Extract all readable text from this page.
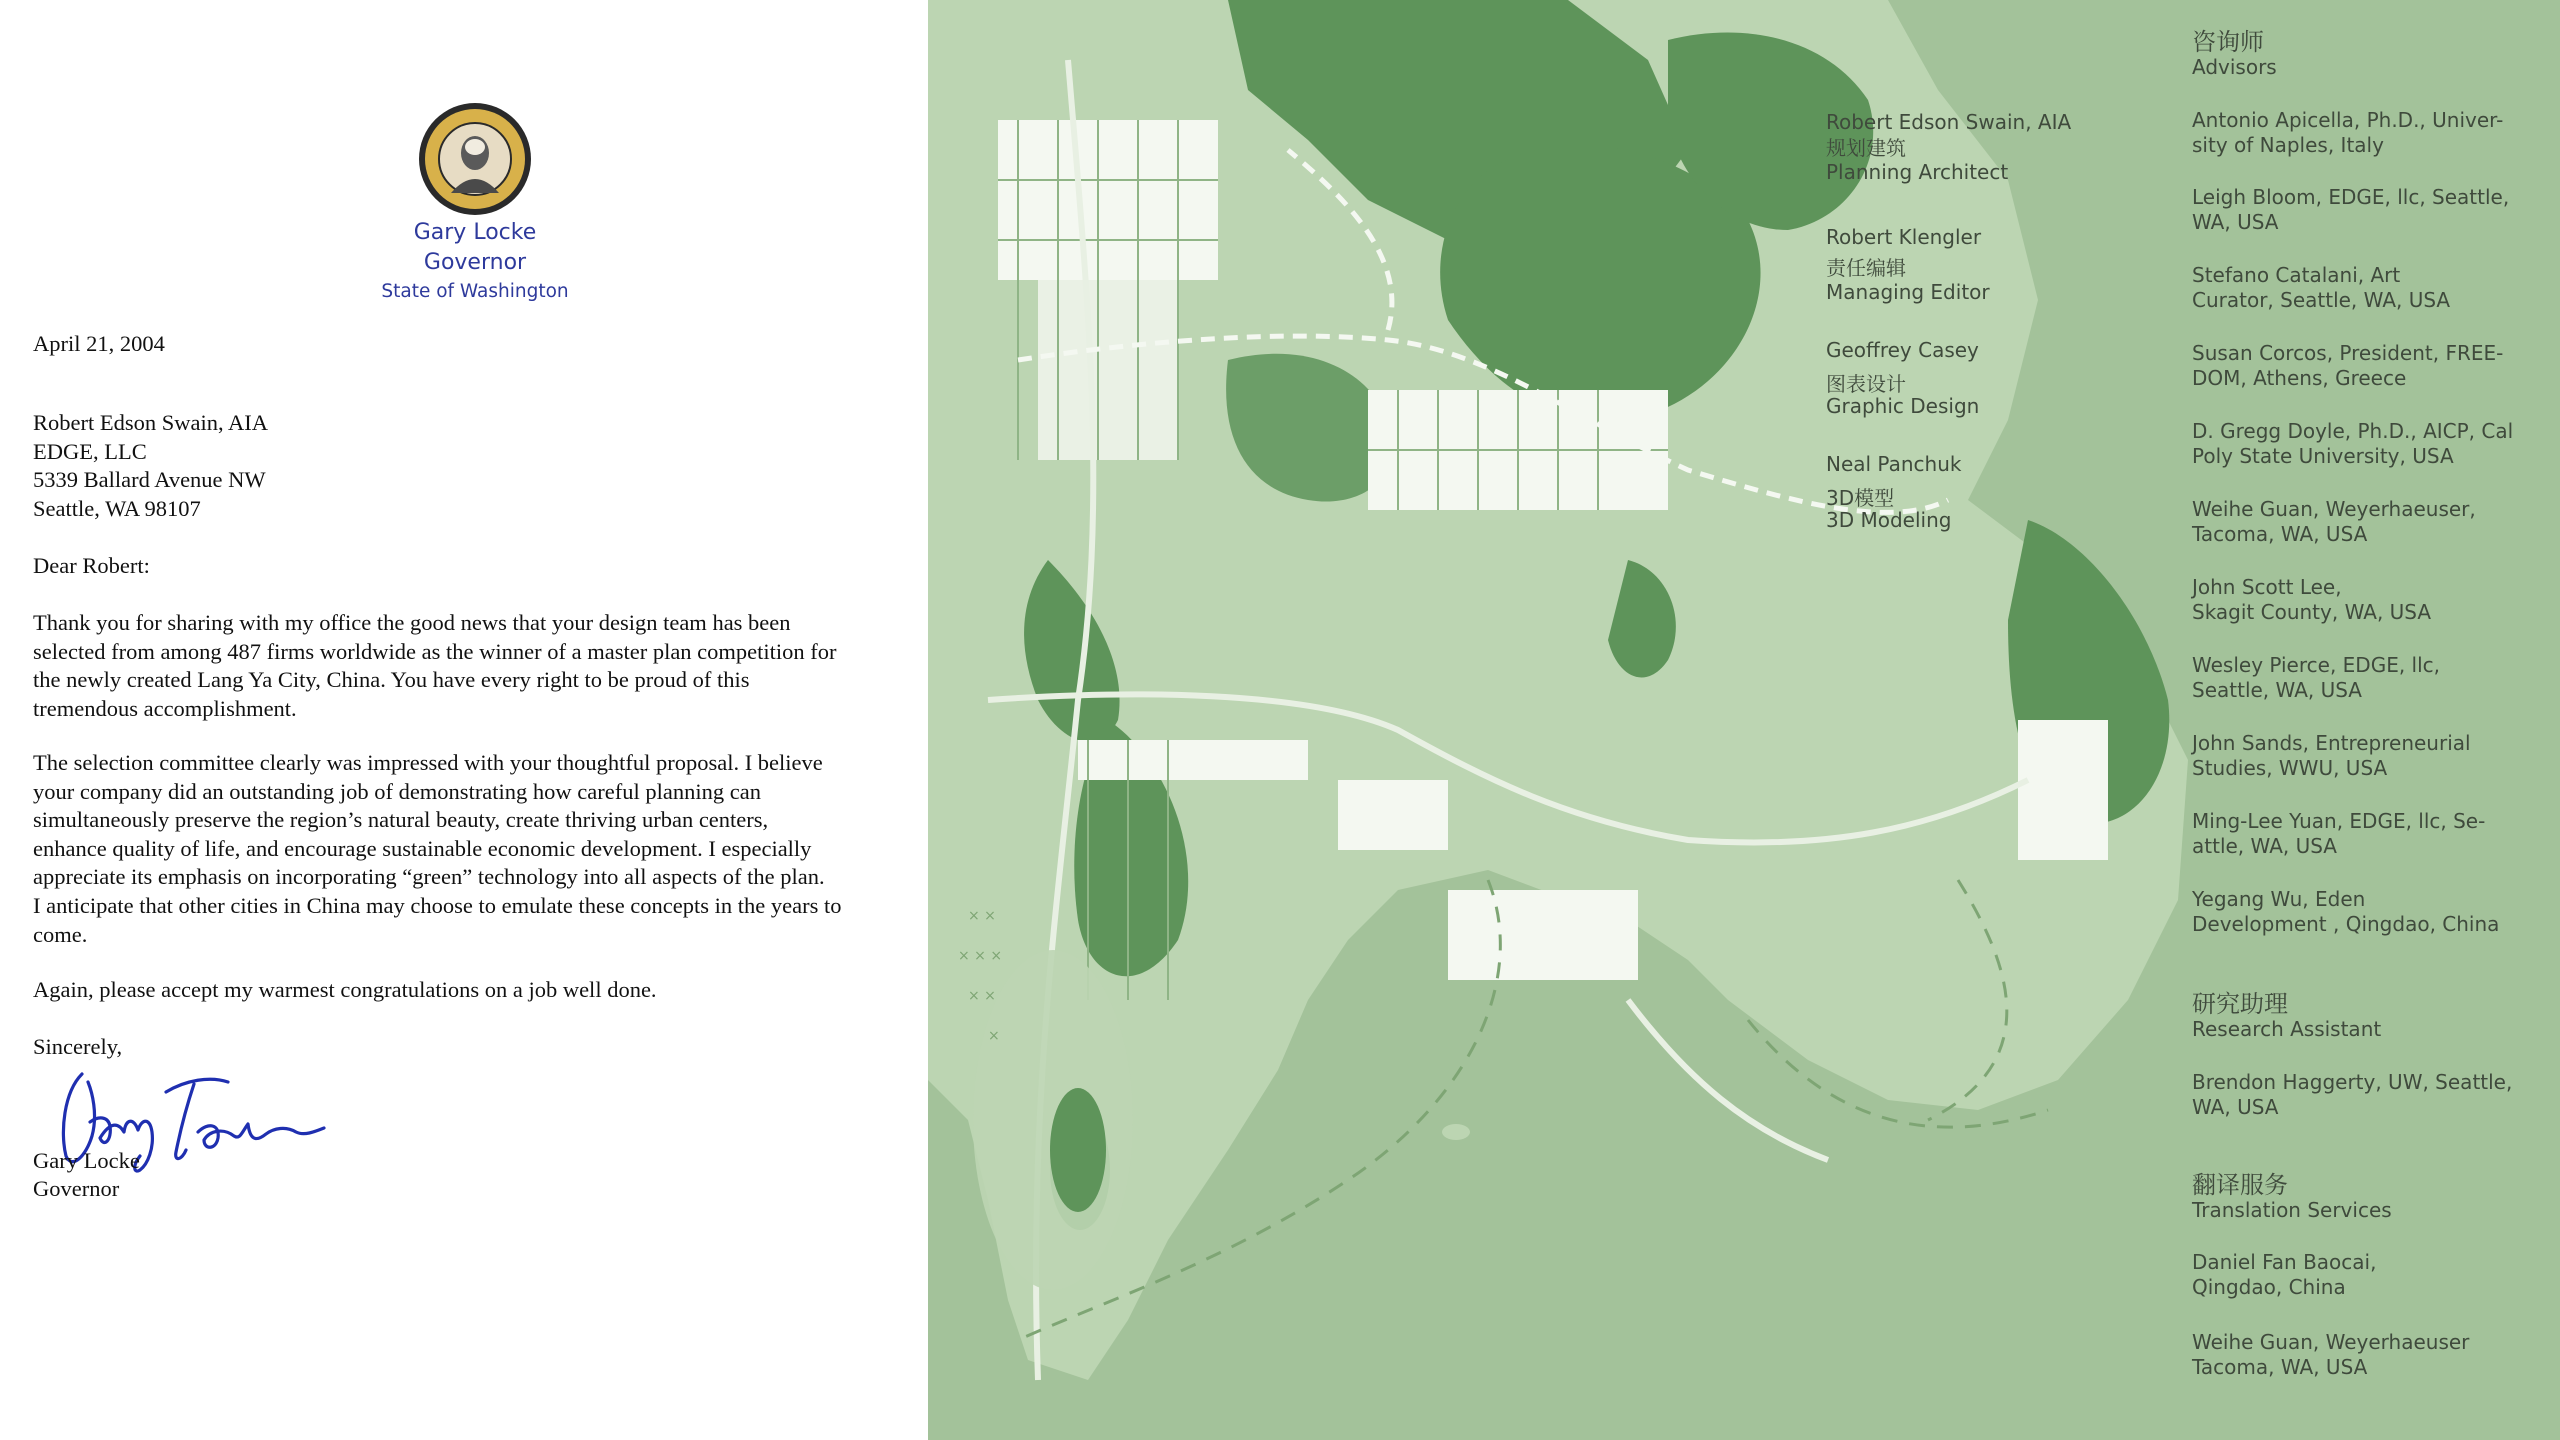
Gary Locke
Governor
State of Washington
April 21, 2004
Robert Edson Swain, AIA
EDGE, LLC
5339 Ballard Avenue NW
Seattle, WA 98107
Dear Robert:
Thank you for sharing with my office the good news that your design team has been
selected from among 487 firms worldwide as the winner of a master plan competition for
the newly created Lang Ya City, China. You have every right to be proud of this
tremendous accomplishment.
The selection committee clearly was impressed with your thoughtful proposal. I believe
your company did an outstanding job of demonstrating how careful planning can
simultaneously preserve the region’s natural beauty, create thriving urban centers,
enhance quality of life, and encourage sustainable economic development. I especially
appreciate its emphasis on incorporating “green” technology into all aspects of the plan.
I anticipate that other cities in China may choose to emulate these concepts in the years to
come.
Again, please accept my warmest congratulations on a job well done.
Sincerely,
Gary Locke
Governor
× ×
× × ×
× ×
×
Robert Edson Swain, AIA
规划建筑
Planning Architect
Robert Klengler
责任编辑
Managing Editor
Geoffrey Casey
图表设计
Graphic Design
Neal Panchuk
3D模型
3D Modeling
咨询师
Advisors
Antonio Apicella, Ph.D., Univer-
sity of Naples, Italy
Leigh Bloom, EDGE, llc, Seattle,
WA, USA
Stefano Catalani, Art
Curator, Seattle, WA, USA
Susan Corcos, President, FREE-
DOM, Athens, Greece
D. Gregg Doyle, Ph.D., AICP, Cal
Poly State University, USA
Weihe Guan, Weyerhaeuser,
Tacoma, WA, USA
John Scott Lee,
Skagit County, WA, USA
Wesley Pierce, EDGE, llc,
Seattle, WA, USA
John Sands, Entrepreneurial
Studies, WWU, USA
Ming-Lee Yuan, EDGE, llc, Se-
attle, WA, USA
Yegang Wu, Eden
Development , Qingdao, China
研究助理
Research Assistant
Brendon Haggerty, UW, Seattle,
WA, USA
翻译服务
Translation Services
Daniel Fan Baocai,
Qingdao, China
Weihe Guan, Weyerhaeuser
Tacoma, WA, USA
